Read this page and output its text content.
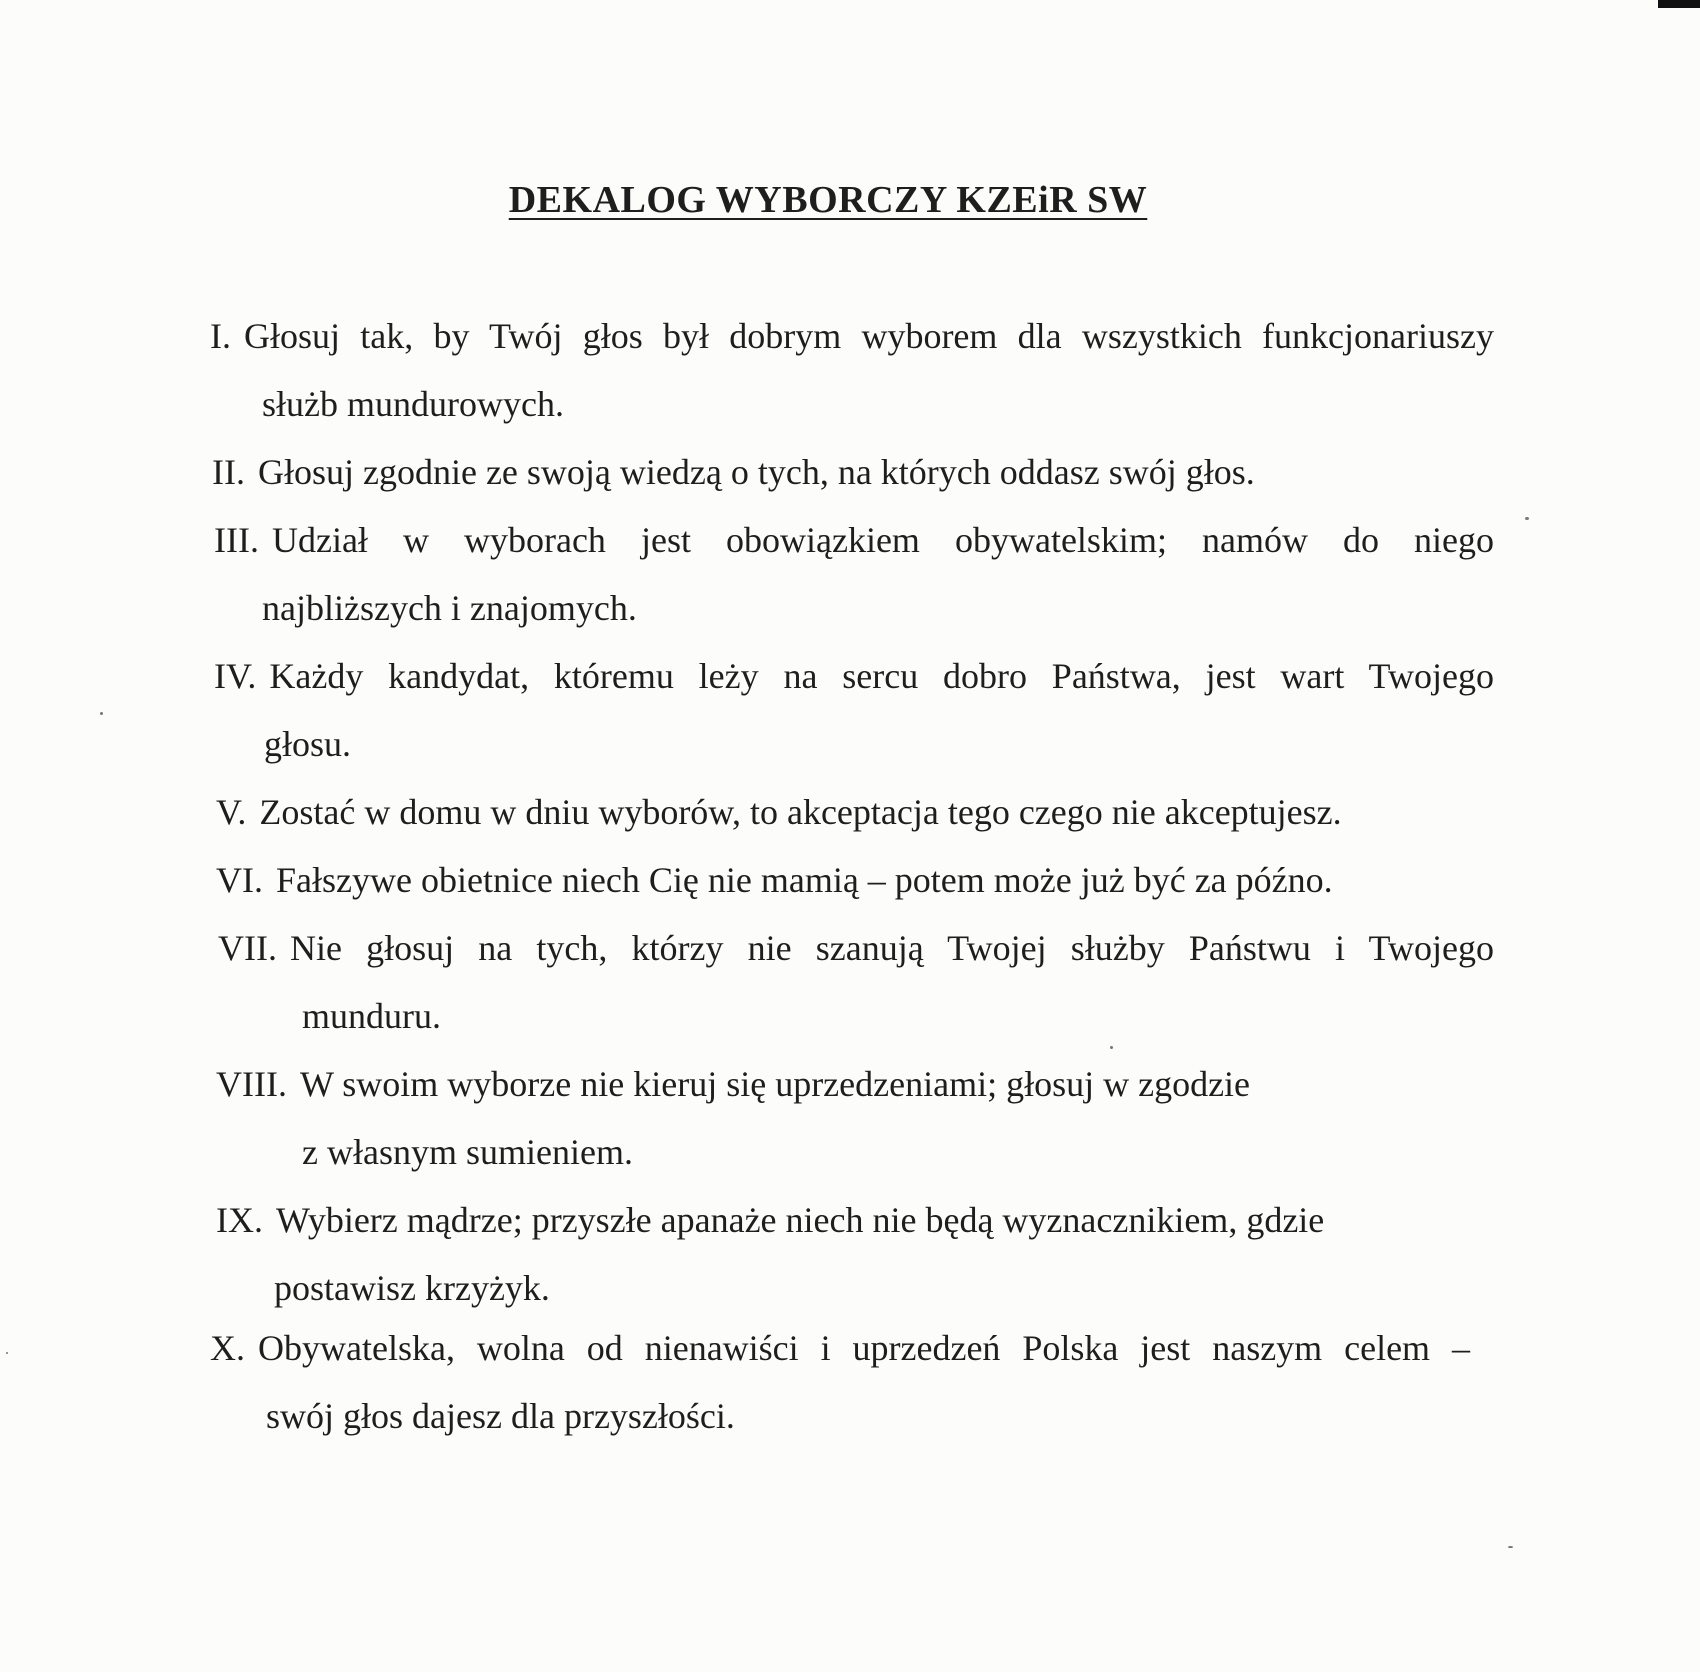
DEKALOG WYBORCZY KZEiR SW
I. Głosuj tak, by Twój głos był dobrym wyborem dla wszystkich funkcjonariuszy
służb mundurowych.
II. Głosuj zgodnie ze swoją wiedzą o tych, na których oddasz swój głos.
III. Udział w wyborach jest obowiązkiem obywatelskim; namów do niego
najbliższych i znajomych.
IV. Każdy kandydat, któremu leży na sercu dobro Państwa, jest wart Twojego
głosu.
V. Zostać w domu w dniu wyborów, to akceptacja tego czego nie akceptujesz.
VI. Fałszywe obietnice niech Cię nie mamią – potem może już być za późno.
VII. Nie głosuj na tych, którzy nie szanują Twojej służby Państwu i Twojego
munduru.
VIII. W swoim wyborze nie kieruj się uprzedzeniami; głosuj w zgodzie
z własnym sumieniem.
IX. Wybierz mądrze; przyszłe apanaże niech nie będą wyznacznikiem, gdzie
postawisz krzyżyk.
X. Obywatelska, wolna od nienawiści i uprzedzeń Polska jest naszym celem –
swój głos dajesz dla przyszłości.
